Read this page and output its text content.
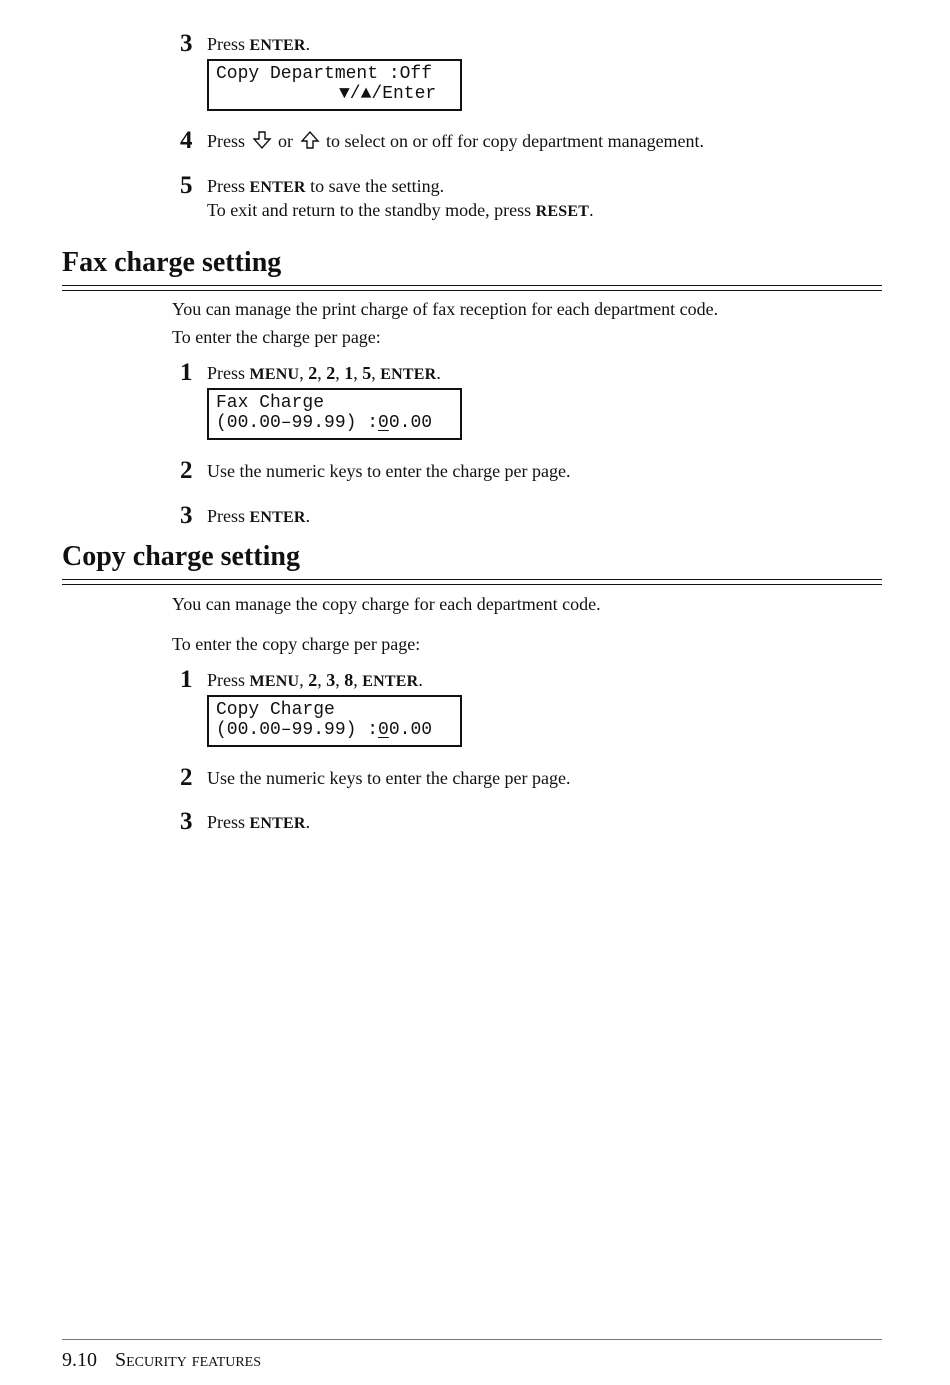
3 Press ENTER.
Copy Department :Off

▼/▲/Enter
4 Press or to select on or off for copy department management.
5 Press ENTER to save the setting.
To exit and return to the standby mode, press RESET.
Fax charge setting
You can manage the print charge of fax reception for each department code.
To enter the charge per page:
1 Press MENU, 2, 2, 1, 5, ENTER.
Fax Charge

(00.00–99.99) :00.00
2 Use the numeric keys to enter the charge per page.
3 Press ENTER.
Copy charge setting
You can manage the copy charge for each department code.
To enter the copy charge per page:
1 Press MENU, 2, 3, 8, ENTER.
Copy Charge

(00.00–99.99) :00.00
2 Use the numeric keys to enter the charge per page.
3 Press ENTER.
9.10 Security features
